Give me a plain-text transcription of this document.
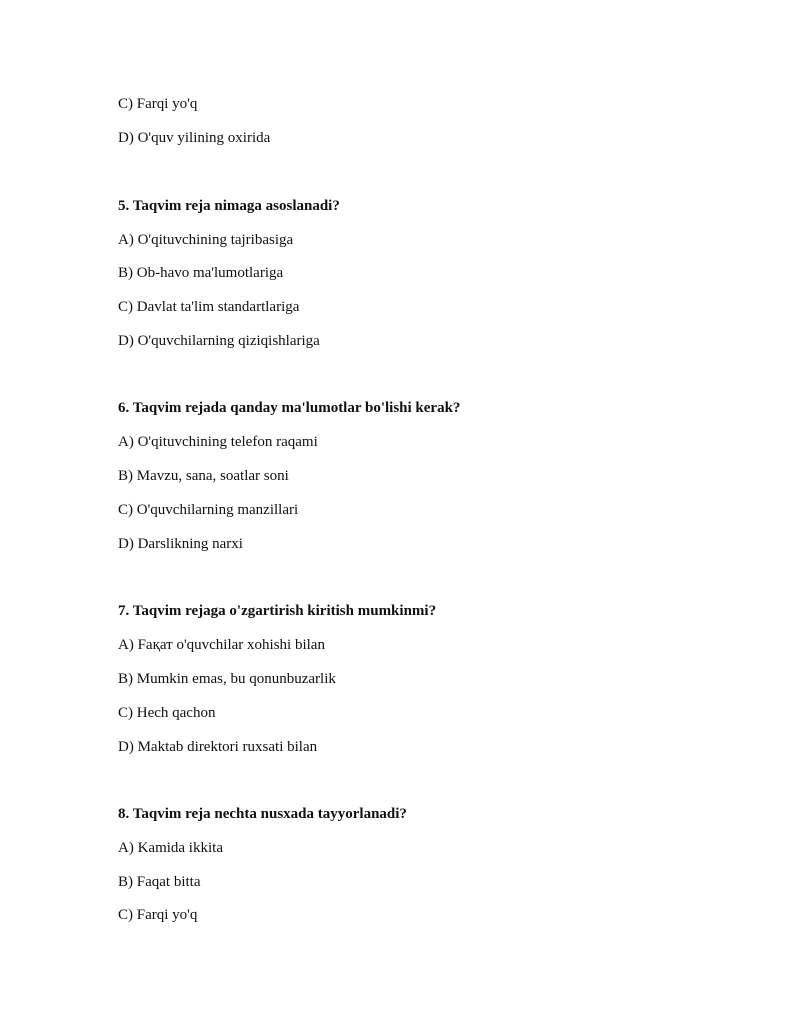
C) Farqi yo'q
D) O'quv yilining oxirida
5. Taqvim reja nimaga asoslanadi?
A) O'qituvchining tajribasiga
B) Ob-havo ma'lumotlariga
C) Davlat ta'lim standartlariga
D) O'quvchilarning qiziqishlariga
6. Taqvim rejada qanday ma'lumotlar bo'lishi kerak?
A) O'qituvchining telefon raqami
B) Mavzu, sana, soatlar soni
C) O'quvchilarning manzillari
D) Darslikning narxi
7. Taqvim rejaga o'zgartirish kiritish mumkinmi?
A) Fақат o'quvchilar xohishi bilan
B) Mumkin emas, bu qonunbuzarlik
C) Hech qachon
D) Maktab direktori ruxsati bilan
8. Taqvim reja nechta nusxada tayyorlanadi?
A) Kamida ikkita
B) Faqat bitta
C) Farqi yo'q
